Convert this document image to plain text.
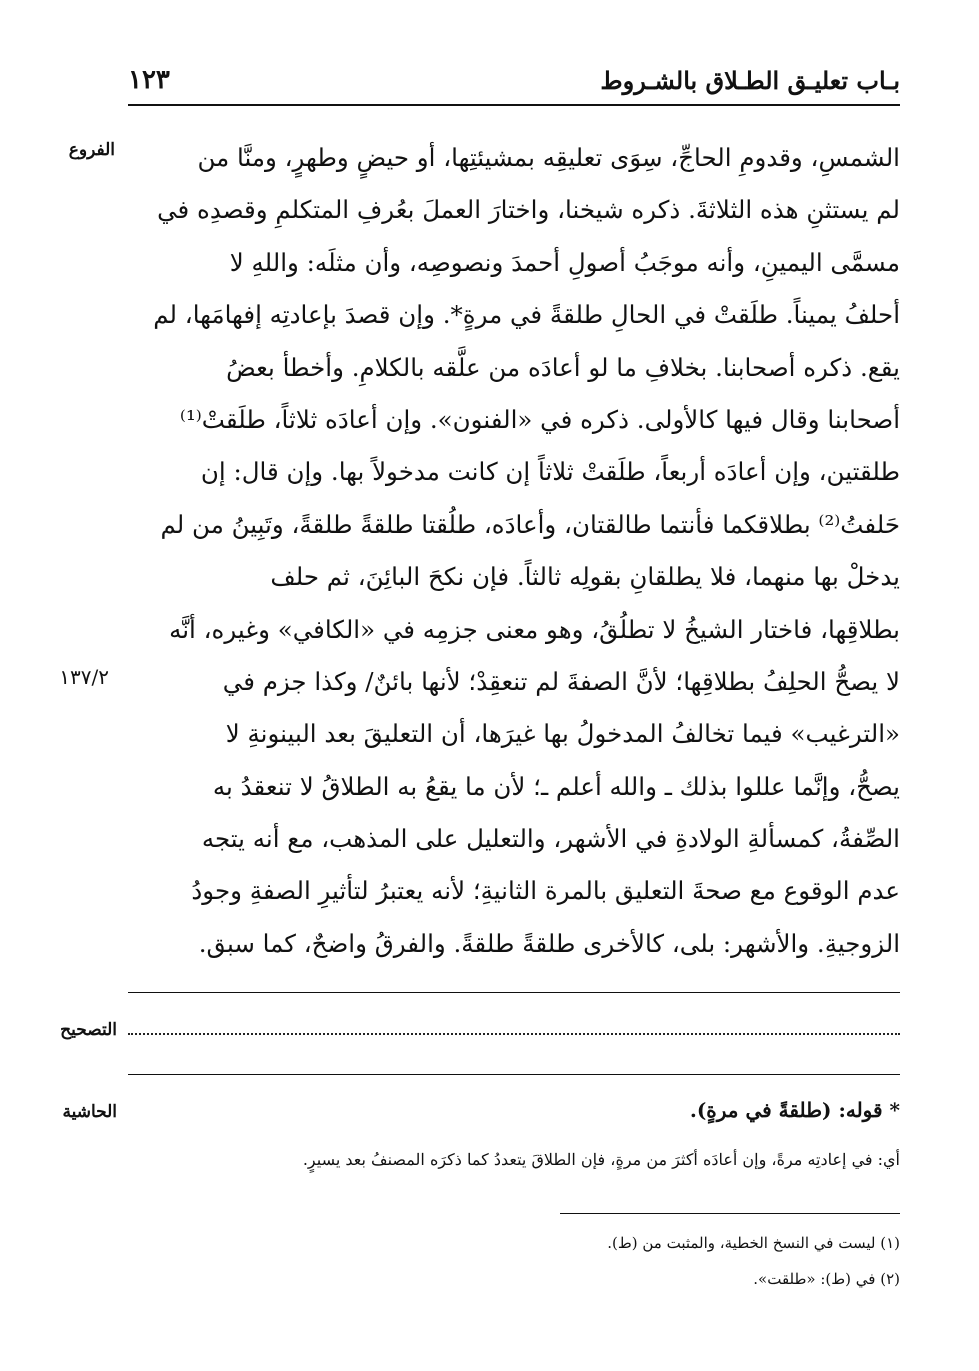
بـاب تعليـق الطـلاق بالشـروط
١٢٣
الفروع
١٣٧/٢
الشمسِ، وقدومِ الحاجِّ، سِوَى تعليقِه بمشيئتِها، أو حيضٍ وطهرٍ، ومنَّا من
لم يستثنِ هذه الثلاثةَ. ذكره شيخنا، واختارَ العملَ بعُرفِ المتكلمِ وقصدِه في
مسمَّى اليمينِ، وأنه موجَبُ أصولِ أحمدَ ونصوصِه، وأن مثلَه: واللهِ لا
أحلفُ يميناً. طلَقتْ في الحالِ طلقةً في مرةٍ*. وإن قصدَ بإعادتِه إفهامَها، لم
يقع. ذكره أصحابنا. بخلافِ ما لو أعادَه من علَّقه بالكلامِ. وأخطأ بعضُ
أصحابنا وقال فيها كالأولى. ذكره في «الفنون». وإن أعادَه ثلاثاً، طلَقتْ⁽¹⁾
طلقتين، وإن أعادَه أربعاً، طلَقتْ ثلاثاً إن كانت مدخولاً بها. وإن قال: إن
حَلفتُ⁽²⁾ بطلاقكما فأنتما طالقتان، وأعادَه، طلُقتا طلقةً طلقةً، وتَبِينُ من لم
يدخلْ بها منهما، فلا يطلقانِ بقولِه ثالثاً. فإن نكحَ البائِنَ، ثم حلف
بطلاقِها، فاختار الشيخُ لا تطلُقُ، وهو معنى جزمِه في «الكافي» وغيره، أنَّه
لا يصحُّ الحلِفُ بطلاقِها؛ لأنَّ الصفةَ لم تنعقِدْ؛ لأنها بائنٌ/ وكذا جزم في
«الترغيب» فيما تخالفُ المدخولُ بها غيرَها، أن التعليقَ بعد البينونةِ لا
يصحُّ، وإنَّما عللوا بذلك ـ والله أعلم ـ؛ لأن ما يقعُ به الطلاقُ لا تنعقدُ به
الصِّفةُ، كمسألةِ الولادةِ في الأشهر، والتعليل على المذهب، مع أنه يتجه
عدم الوقوع مع صحةَ التعليق بالمرة الثانيةِ؛ لأنه يعتبرُ لتأثيرِ الصفةِ وجودُ
الزوجيةِ. والأشهر: بلى، كالأخرى طلقةً طلقةً. والفرقُ واضحٌ، كما سبق.
التصحيح
الحاشية	* قوله: (طلقةً في مرةٍ).
أي: في إعادتِه مرةً، وإن أعادَه أكثرَ من مرةٍ، فإن الطلاقَ يتعددُ كما ذكرَه المصنفُ بعد يسيرٍ.
(١) ليست في النسخ الخطية، والمثبت من (ط).
(٢) في (ط): «طلقت».
